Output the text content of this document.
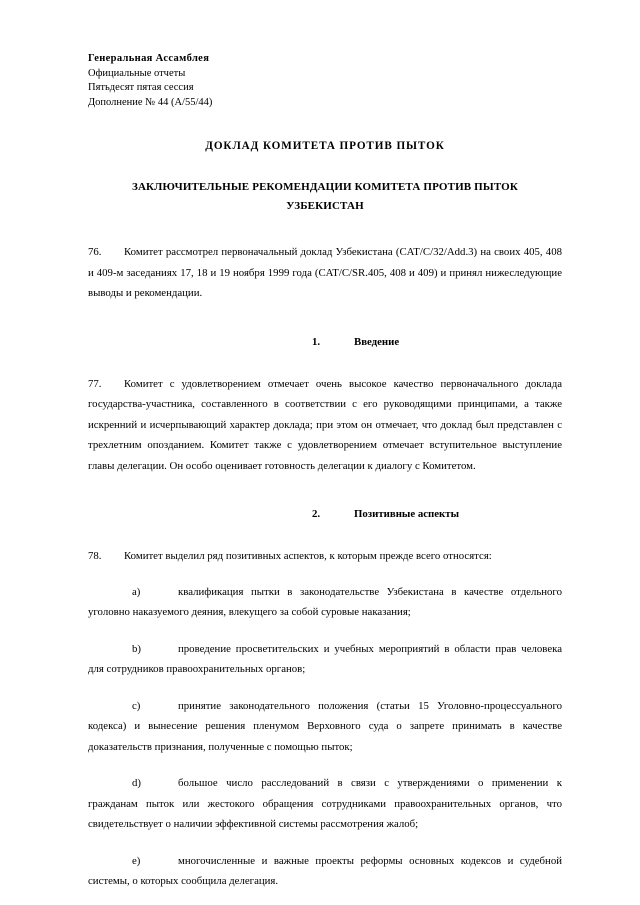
Генеральная Ассамблея
Официальные отчеты
Пятьдесят пятая сессия
Дополнение № 44 (A/55/44)
ДОКЛАД КОМИТЕТА ПРОТИВ ПЫТОК
ЗАКЛЮЧИТЕЛЬНЫЕ РЕКОМЕНДАЦИИ КОМИТЕТА ПРОТИВ ПЫТОК
УЗБЕКИСТАН

76. Комитет рассмотрел первоначальный доклад Узбекистана (CAT/C/32/Add.3) на своих 405, 408 и 409-м заседаниях 17, 18 и 19 ноября 1999 года (CAT/C/SR.405, 408 и 409) и принял нижеследующие выводы и рекомендации.

1.	Введение

77. Комитет с удовлетворением отмечает очень высокое качество первоначального доклада государства-участника, составленного в соответствии с его руководящими принципами, а также искренний и исчерпывающий характер доклада; при этом он отмечает, что доклад был представлен с трехлетним опозданием. Комитет также с удовлетворением отмечает вступительное выступление главы делегации. Он особо оценивает готовность делегации к диалогу с Комитетом.

2.	Позитивные аспекты

78. Комитет выделил ряд позитивных аспектов, к которым прежде всего относятся:

a)	квалификация пытки в законодательстве Узбекистана в качестве отдельного уголовно наказуемого деяния, влекущего за собой суровые наказания;

b)	проведение просветительских и учебных мероприятий в области прав человека для сотрудников правоохранительных органов;

c)	принятие законодательного положения (статьи 15 Уголовно-процессуального кодекса) и вынесение решения пленумом Верховного суда о запрете принимать в качестве доказательств признания, полученные с помощью пыток;

d)	большое число расследований в связи с утверждениями о применении к гражданам пыток или жестокого обращения сотрудниками правоохранительных органов, что свидетельствует о наличии эффективной системы рассмотрения жалоб;

e)	многочисленные и важные проекты реформы основных кодексов и судебной системы, о которых сообщила делегация.
